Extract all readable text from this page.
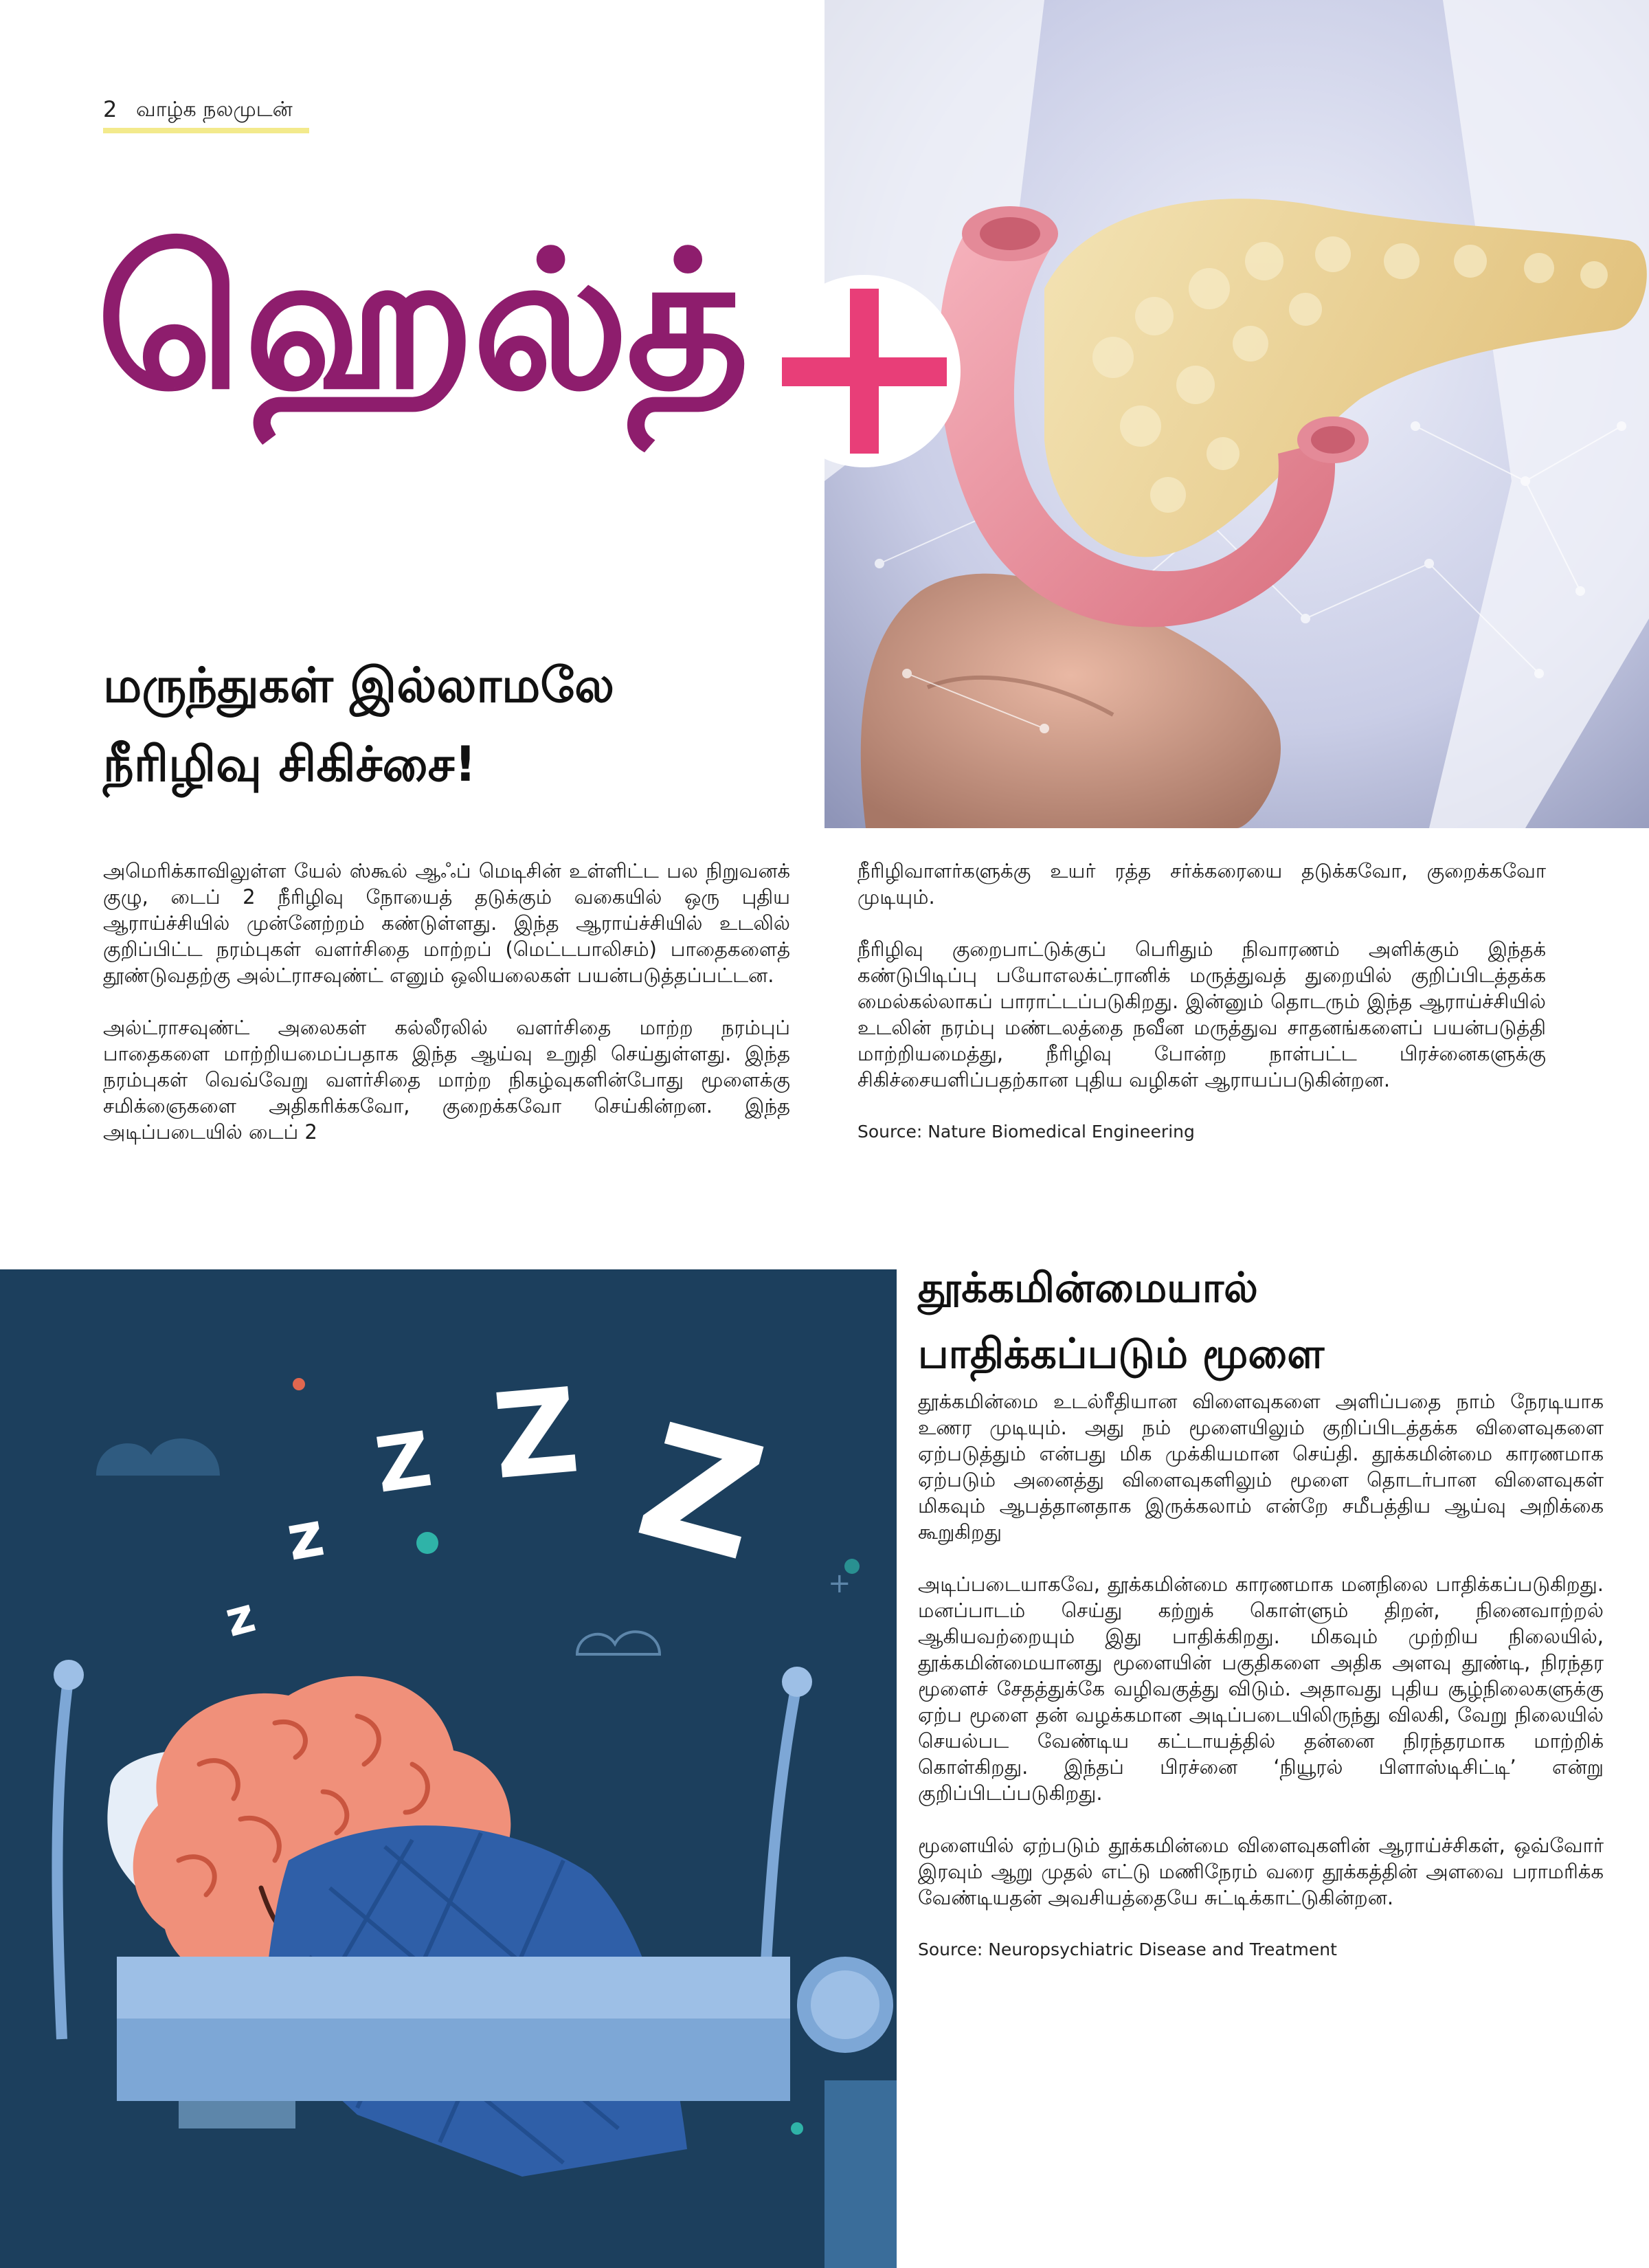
2 வாழ்க நலமுடன்
ஹெல்த்
மருந்துகள் இல்லாமலே
நீரிழிவு சிகிச்சை!

அமெரிக்காவிலுள்ள யேல் ஸ்கூல் ஆஃப் மெடிசின் உள்ளிட்ட பல நிறுவனக் குழு, டைப் 2 நீரிழிவு நோயைத் தடுக்கும் வகையில் ஒரு புதிய ஆராய்ச்சியில் முன்னேற்றம் கண்டுள்ளது. இந்த ஆராய்ச்சியில் உடலில் குறிப்பிட்ட நரம்புகள் வளர்சிதை மாற்றப் (மெட்டபாலிசம்) பாதைகளைத் தூண்டுவதற்கு அல்ட்ராசவுண்ட் எனும் ஒலியலைகள் பயன்படுத்தப்பட்டன.

அல்ட்ராசவுண்ட் அலைகள் கல்லீரலில் வளர்சிதை மாற்ற நரம்புப் பாதைகளை மாற்றியமைப்பதாக இந்த ஆய்வு உறுதி செய்துள்ளது. இந்த நரம்புகள் வெவ்வேறு வளர்சிதை மாற்ற நிகழ்வுகளின்போது மூளைக்கு சமிக்ஞைகளை அதிகரிக்கவோ, குறைக்கவோ செய்கின்றன. இந்த அடிப்படையில் டைப் 2

நீரிழிவாளர்களுக்கு உயர் ரத்த சர்க்கரையை தடுக்கவோ, குறைக்கவோ முடியும்.

நீரிழிவு குறைபாட்டுக்குப் பெரிதும் நிவாரணம் அளிக்கும் இந்தக் கண்டுபிடிப்பு பயோஎலக்ட்ரானிக் மருத்துவத் துறையில் குறிப்பிடத்தக்க மைல்கல்லாகப் பாராட்டப்படுகிறது. இன்னும் தொடரும் இந்த ஆராய்ச்சியில் உடலின் நரம்பு மண்டலத்தை நவீன மருத்துவ சாதனங்களைப் பயன்படுத்தி மாற்றியமைத்து, நீரிழிவு போன்ற நாள்பட்ட பிரச்னைகளுக்கு சிகிச்சையளிப்பதற்கான புதிய வழிகள் ஆராயப்படுகின்றன.

Source: Nature Biomedical Engineering

+
z
z
Z Z Z
தூக்கமின்மையால்
பாதிக்கப்படும் மூளை

தூக்கமின்மை உடல்ரீதியான விளைவுகளை அளிப்பதை நாம் நேரடியாக உணர முடியும். அது நம் மூளையிலும் குறிப்பிடத்தக்க விளைவுகளை ஏற்படுத்தும் என்பது மிக முக்கியமான செய்தி. தூக்கமின்மை காரணமாக ஏற்படும் அனைத்து விளைவுகளிலும் மூளை தொடர்பான விளைவுகள் மிகவும் ஆபத்தானதாக இருக்கலாம் என்றே சமீபத்திய ஆய்வு அறிக்கை கூறுகிறது

அடிப்படையாகவே, தூக்கமின்மை காரணமாக மனநிலை பாதிக்கப்படுகிறது. மனப்பாடம் செய்து கற்றுக் கொள்ளும் திறன், நினைவாற்றல் ஆகியவற்றையும் இது பாதிக்கிறது. மிகவும் முற்றிய நிலையில், தூக்கமின்மையானது மூளையின் பகுதிகளை அதிக அளவு தூண்டி, நிரந்தர மூளைச் சேதத்துக்கே வழிவகுத்து விடும். அதாவது புதிய சூழ்நிலைகளுக்கு ஏற்ப மூளை தன் வழக்கமான அடிப்படையிலிருந்து விலகி, வேறு நிலையில் செயல்பட வேண்டிய கட்டாயத்தில் தன்னை நிரந்தரமாக மாற்றிக் கொள்கிறது. இந்தப் பிரச்னை ‘நியூரல் பிளாஸ்டிசிட்டி’ என்று குறிப்பிடப்படுகிறது.

மூளையில் ஏற்படும் தூக்கமின்மை விளைவுகளின் ஆராய்ச்சிகள், ஒவ்வோர் இரவும் ஆறு முதல் எட்டு மணிநேரம் வரை தூக்கத்தின் அளவை பராமரிக்க வேண்டியதன் அவசியத்தையே சுட்டிக்காட்டுகின்றன.

Source: Neuropsychiatric Disease and Treatment
